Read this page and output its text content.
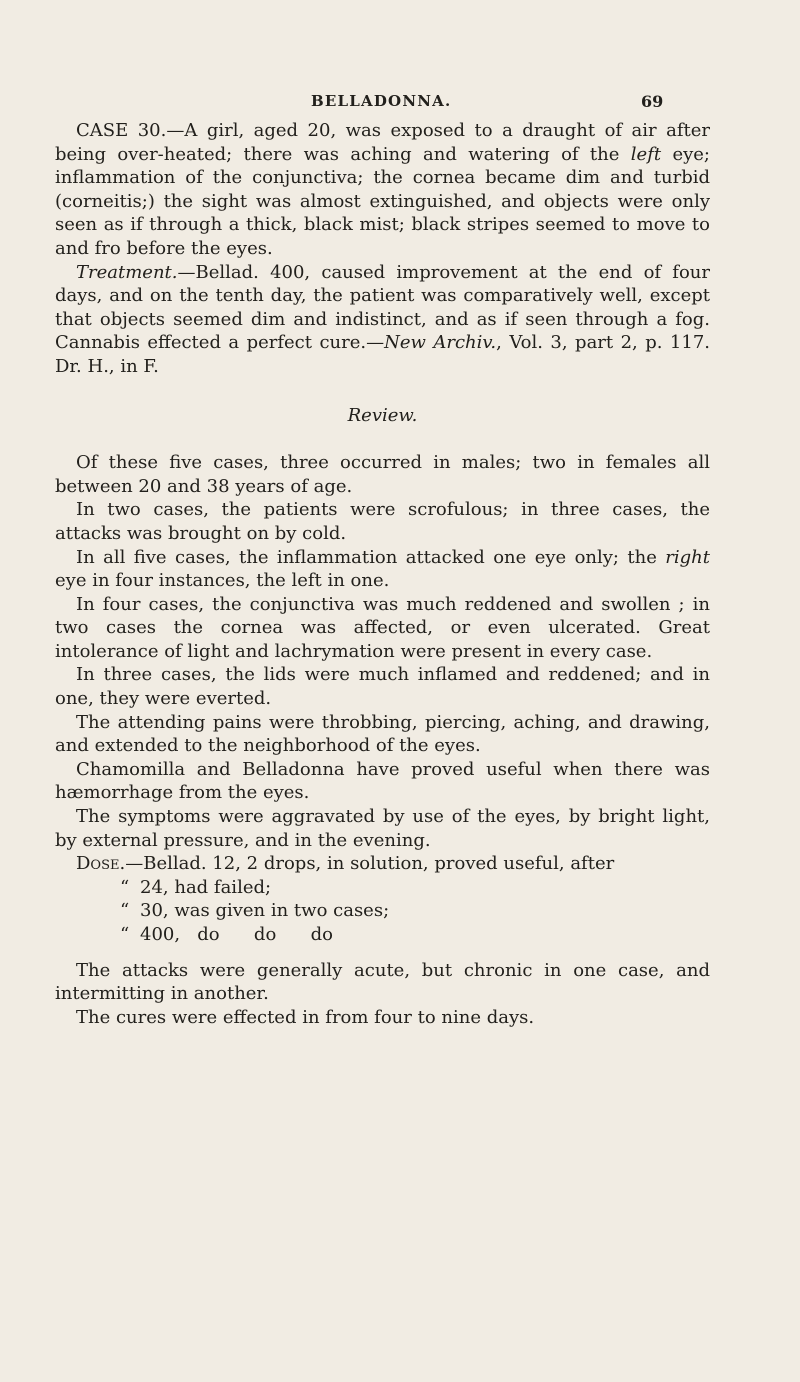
BELLADONNA.	69

CASE 30.—A girl, aged 20, was exposed to a draught of air after being over-heated; there was aching and watering of the left eye; inflammation of the conjunctiva; the cornea became dim and turbid (corneitis;) the sight was almost extinguished, and objects were only seen as if through a thick, black mist; black stripes seemed to move to and fro before the eyes.

Treatment.—Bellad. 400, caused improvement at the end of four days, and on the tenth day, the patient was comparatively well, except that objects seemed dim and indistinct, and as if seen through a fog. Cannabis effected a perfect cure.—New Archiv., Vol. 3, part 2, p. 117. Dr. H., in F.

Review.

Of these five cases, three occurred in males; two in females all between 20 and 38 years of age.

In two cases, the patients were scrofulous; in three cases, the attacks was brought on by cold.

In all five cases, the inflammation attacked one eye only; the right eye in four instances, the left in one.

In four cases, the conjunctiva was much reddened and swollen ; in two cases the cornea was affected, or even ulcerated. Great intolerance of light and lachrymation were present in every case.

In three cases, the lids were much inflamed and reddened; and in one, they were everted.

The attending pains were throbbing, piercing, aching, and drawing, and extended to the neighborhood of the eyes.

Chamomilla and Belladonna have proved useful when there was hæmorrhage from the eyes.

The symptoms were aggravated by use of the eyes, by bright light, by external pressure, and in the evening.

Dose.—Bellad. 12, 2 drops, in solution, proved useful, after

“ 24, had failed;

“ 30, was given in two cases;

“ 400,   do      do      do

The attacks were generally acute, but chronic in one case, and intermitting in another.

The cures were effected in from four to nine days.
